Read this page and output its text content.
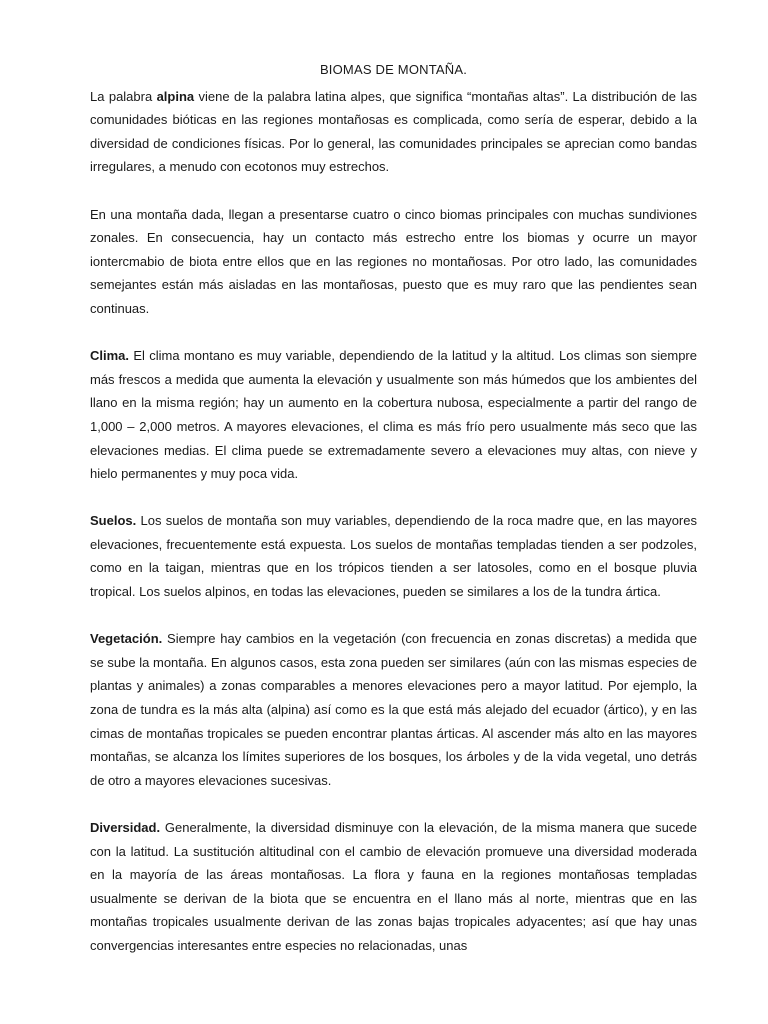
BIOMAS DE MONTAÑA.

La palabra alpina viene de la palabra latina alpes, que significa “montañas altas”. La distribución de las comunidades bióticas en las regiones montañosas es complicada, como sería de esperar, debido a la diversidad de condiciones físicas. Por lo general, las comunidades principales se aprecian como bandas irregulares, a menudo con ecotonos muy estrechos.

En una montaña dada, llegan a presentarse cuatro o cinco biomas principales con muchas sundiviones zonales. En consecuencia, hay un contacto más estrecho entre los biomas y ocurre un mayor iontercmabio de biota entre ellos que en las regiones no montañosas. Por otro lado, las comunidades semejantes están más aisladas en las montañosas, puesto que es muy raro que las pendientes sean continuas.

Clima. El clima montano es muy variable, dependiendo de la latitud y la altitud. Los climas son siempre más frescos a medida que aumenta la elevación y usualmente son más húmedos que los ambientes del llano en la misma región; hay un aumento en la cobertura nubosa, especialmente a partir del rango de 1,000 – 2,000 metros. A mayores elevaciones, el clima es más frío pero usualmente más seco que las elevaciones medias. El clima puede se extremadamente severo a elevaciones muy altas, con nieve y hielo permanentes y muy poca vida.

Suelos. Los suelos de montaña son muy variables, dependiendo de la roca madre que, en las mayores elevaciones, frecuentemente está expuesta. Los suelos de montañas templadas tienden a ser podzoles, como en la taigan, mientras que en los trópicos tienden a ser latosoles, como en el bosque pluvia tropical. Los suelos alpinos, en todas las elevaciones, pueden se similares a los de la tundra ártica.

Vegetación. Siempre hay cambios en la vegetación (con frecuencia en zonas discretas) a medida que se sube la montaña. En algunos casos, esta zona pueden ser similares (aún con las mismas especies de plantas y animales) a zonas comparables a menores elevaciones pero a mayor latitud. Por ejemplo, la zona de tundra es la más alta (alpina) así como es la que está más alejado del ecuador (ártico), y en las cimas de montañas tropicales se pueden encontrar plantas árticas. Al ascender más alto en las mayores montañas, se alcanza los límites superiores de los bosques, los árboles y de la vida vegetal, uno detrás de otro a mayores elevaciones sucesivas.

Diversidad. Generalmente, la diversidad disminuye con la elevación, de la misma manera que sucede con la latitud. La sustitución altitudinal con el cambio de elevación promueve una diversidad moderada en la mayoría de las áreas montañosas. La flora y fauna en la regiones montañosas templadas usualmente se derivan de la biota que se encuentra en el llano más al norte, mientras que en las montañas tropicales usualmente derivan de las zonas bajas tropicales adyacentes; así que hay unas convergencias interesantes entre especies no relacionadas, unas
